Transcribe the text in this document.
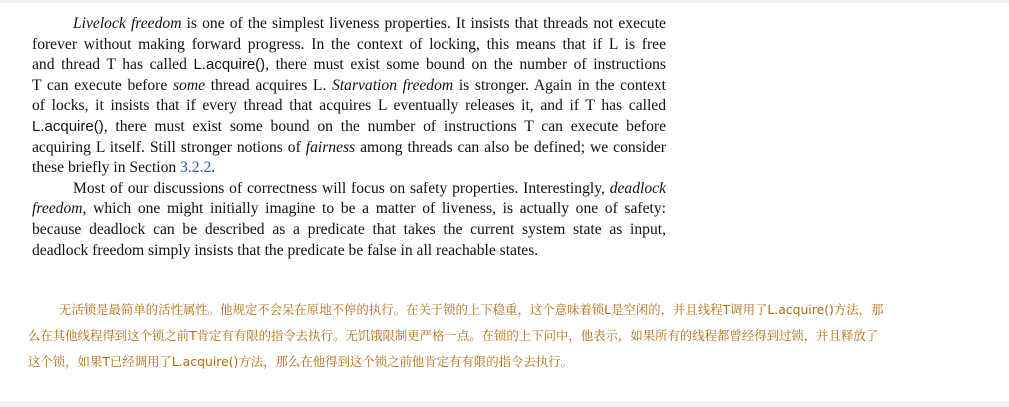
Livelock freedom is one of the simplest liveness properties. It insists that threads not execute
forever without making forward progress. In the context of locking, this means that if L is free
and thread T has called L.acquire(), there must exist some bound on the number of instructions
T can execute before some thread acquires L. Starvation freedom is stronger. Again in the context
of locks, it insists that if every thread that acquires L eventually releases it, and if T has called
L.acquire(), there must exist some bound on the number of instructions T can execute before
acquiring L itself. Still stronger notions of fairness among threads can also be defined; we consider
these briefly in Section 3.2.2.
Most of our discussions of correctness will focus on safety properties. Interestingly, deadlock
freedom, which one might initially imagine to be a matter of liveness, is actually one of safety:
because deadlock can be described as a predicate that takes the current system state as input,
deadlock freedom simply insists that the predicate be false in all reachable states.
无活锁是最简单的活性属性。他规定不会呆在原地不停的执行。在关于锁的上下稳重，这个意味着锁L是空闲的，并且线程T调用了L.acquire()方法，那
么在其他线程得到这个锁之前T肯定有有限的指令去执行。无饥饿限制更严格一点。在锁的上下问中，他表示，如果所有的线程都曾经得到过锁，并且释放了
这个锁，如果T已经调用了L.acquire()方法，那么在他得到这个锁之前他肯定有有限的指令去执行。
